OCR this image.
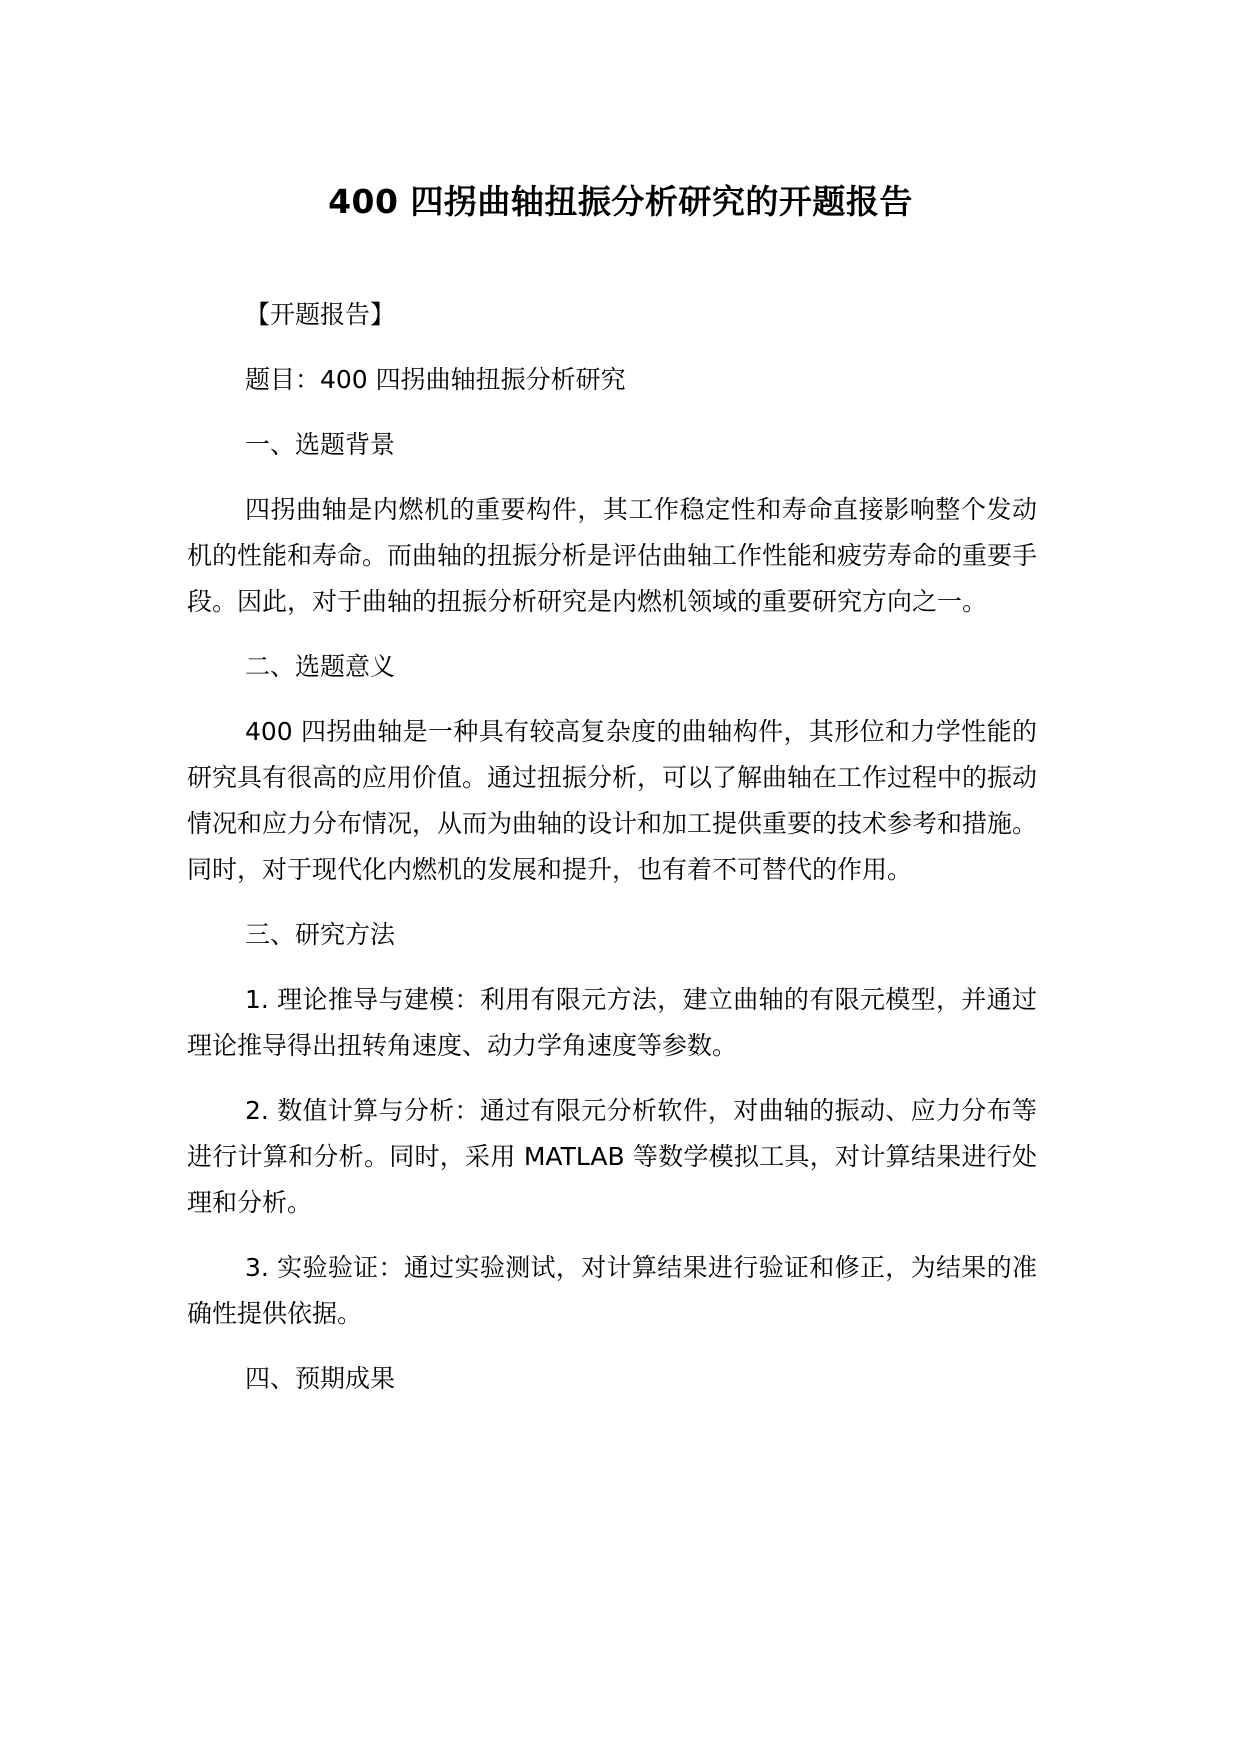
400 四拐曲轴扭振分析研究的开题报告
【开题报告】
题目：400 四拐曲轴扭振分析研究
一、选题背景
四拐曲轴是内燃机的重要构件，其工作稳定性和寿命直接影响整个发动机的性能和寿命。而曲轴的扭振分析是评估曲轴工作性能和疲劳寿命的重要手段。因此，对于曲轴的扭振分析研究是内燃机领域的重要研究方向之一。
二、选题意义
400 四拐曲轴是一种具有较高复杂度的曲轴构件，其形位和力学性能的研究具有很高的应用价值。通过扭振分析，可以了解曲轴在工作过程中的振动情况和应力分布情况，从而为曲轴的设计和加工提供重要的技术参考和措施。同时，对于现代化内燃机的发展和提升，也有着不可替代的作用。
三、研究方法
1. 理论推导与建模：利用有限元方法，建立曲轴的有限元模型，并通过理论推导得出扭转角速度、动力学角速度等参数。
2. 数值计算与分析：通过有限元分析软件，对曲轴的振动、应力分布等进行计算和分析。同时，采用 MATLAB 等数学模拟工具，对计算结果进行处理和分析。
3. 实验验证：通过实验测试，对计算结果进行验证和修正，为结果的准确性提供依据。
四、预期成果
